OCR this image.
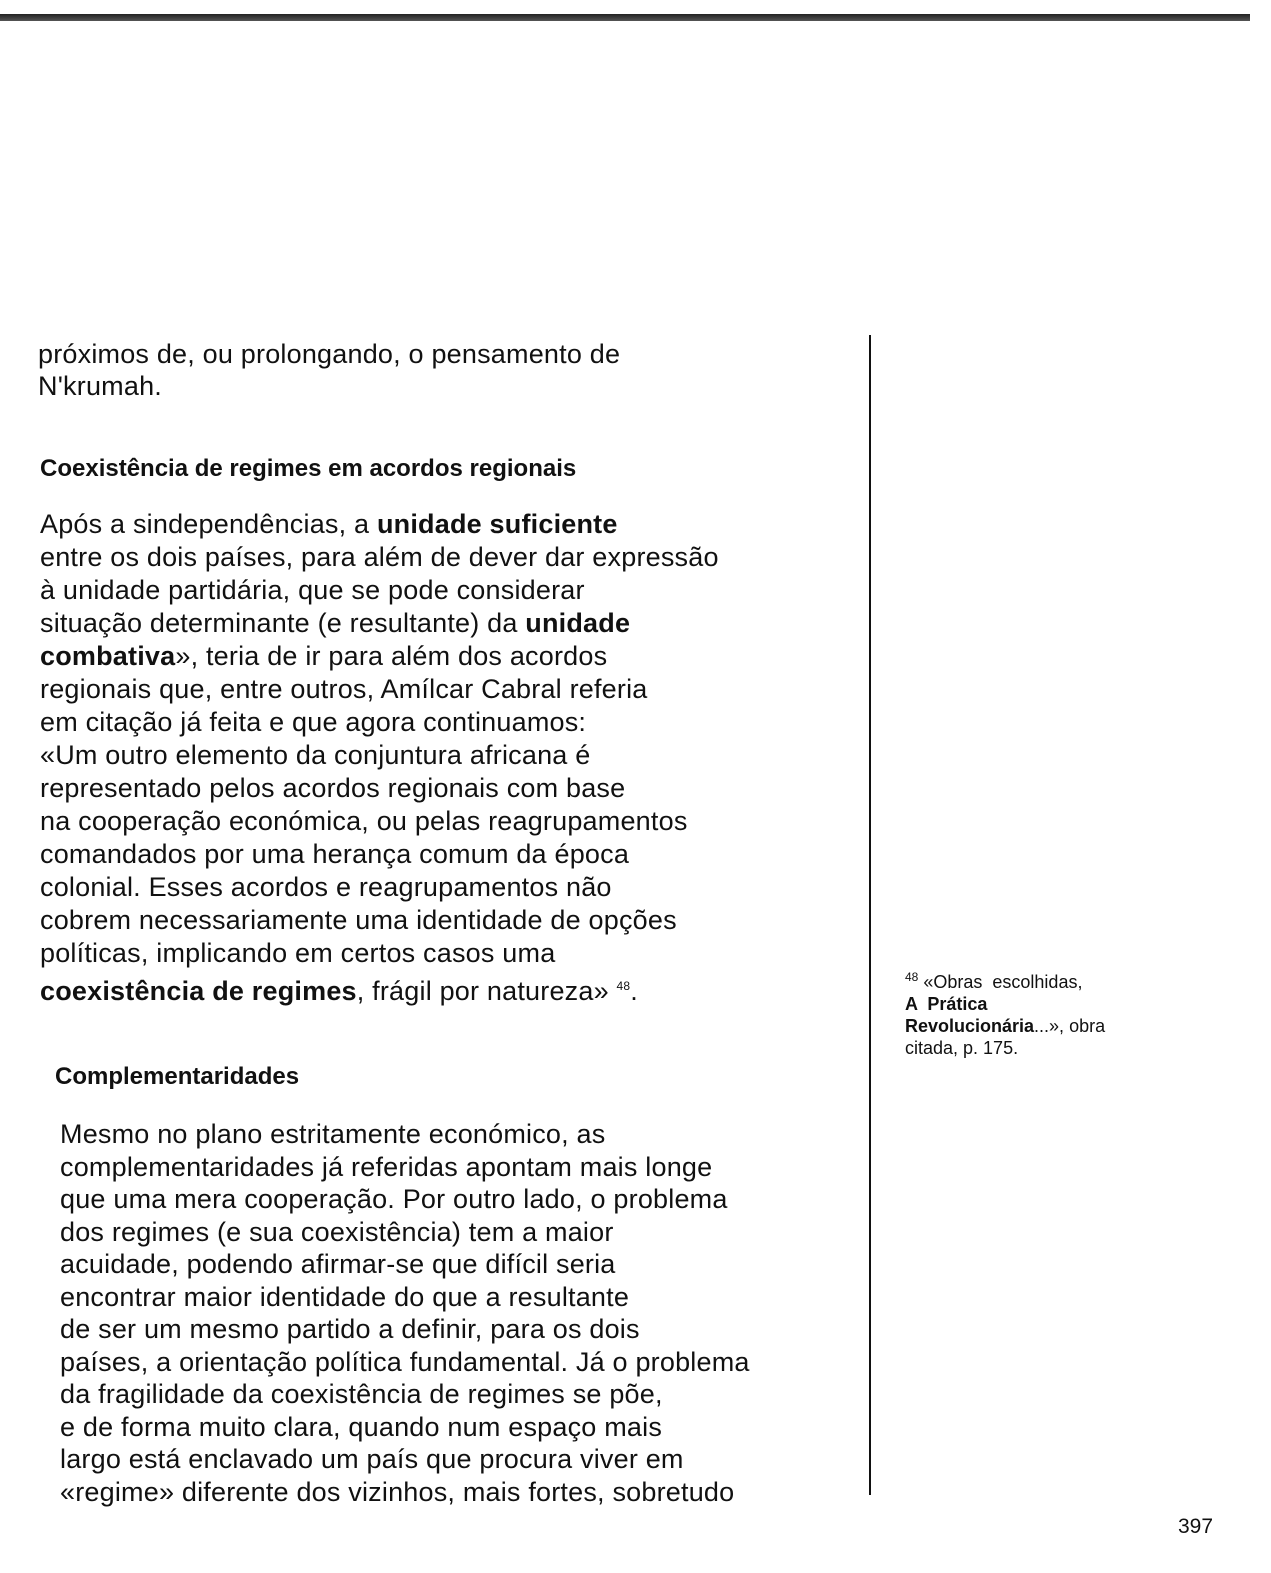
próximos de, ou prolongando, o pensamento de
N'krumah.
Coexistência de regimes em acordos regionais
Após a sindependências, a unidade suficiente
entre os dois países, para além de dever dar expressão
à unidade partidária, que se pode considerar
situação determinante (e resultante) da unidade
combativa», teria de ir para além dos acordos
regionais que, entre outros, Amílcar Cabral referia
em citação já feita e que agora continuamos:
«Um outro elemento da conjuntura africana é
representado pelos acordos regionais com base
na cooperação económica, ou pelas reagrupamentos
comandados por uma herança comum da época
colonial. Esses acordos e reagrupamentos não
cobrem necessariamente uma identidade de opções
políticas, implicando em certos casos uma
coexistência de regimes, frágil por natureza» $^{48}$.
Complementaridades
Mesmo no plano estritamente económico, as
complementaridades já referidas apontam mais longe
que uma mera cooperação. Por outro lado, o problema
dos regimes (e sua coexistência) tem a maior
acuidade, podendo afirmar-se que difícil seria
encontrar maior identidade do que a resultante
de ser um mesmo partido a definir, para os dois
países, a orientação política fundamental. Já o problema
da fragilidade da coexistência de regimes se põe,
e de forma muito clara, quando num espaço mais
largo está enclavado um país que procura viver em
«regime» diferente dos vizinhos, mais fortes, sobretudo
$^{48}$ «Obras  escolhidas,
A  Prática
Revolucionária...», obra
citada, p. 175.
397
